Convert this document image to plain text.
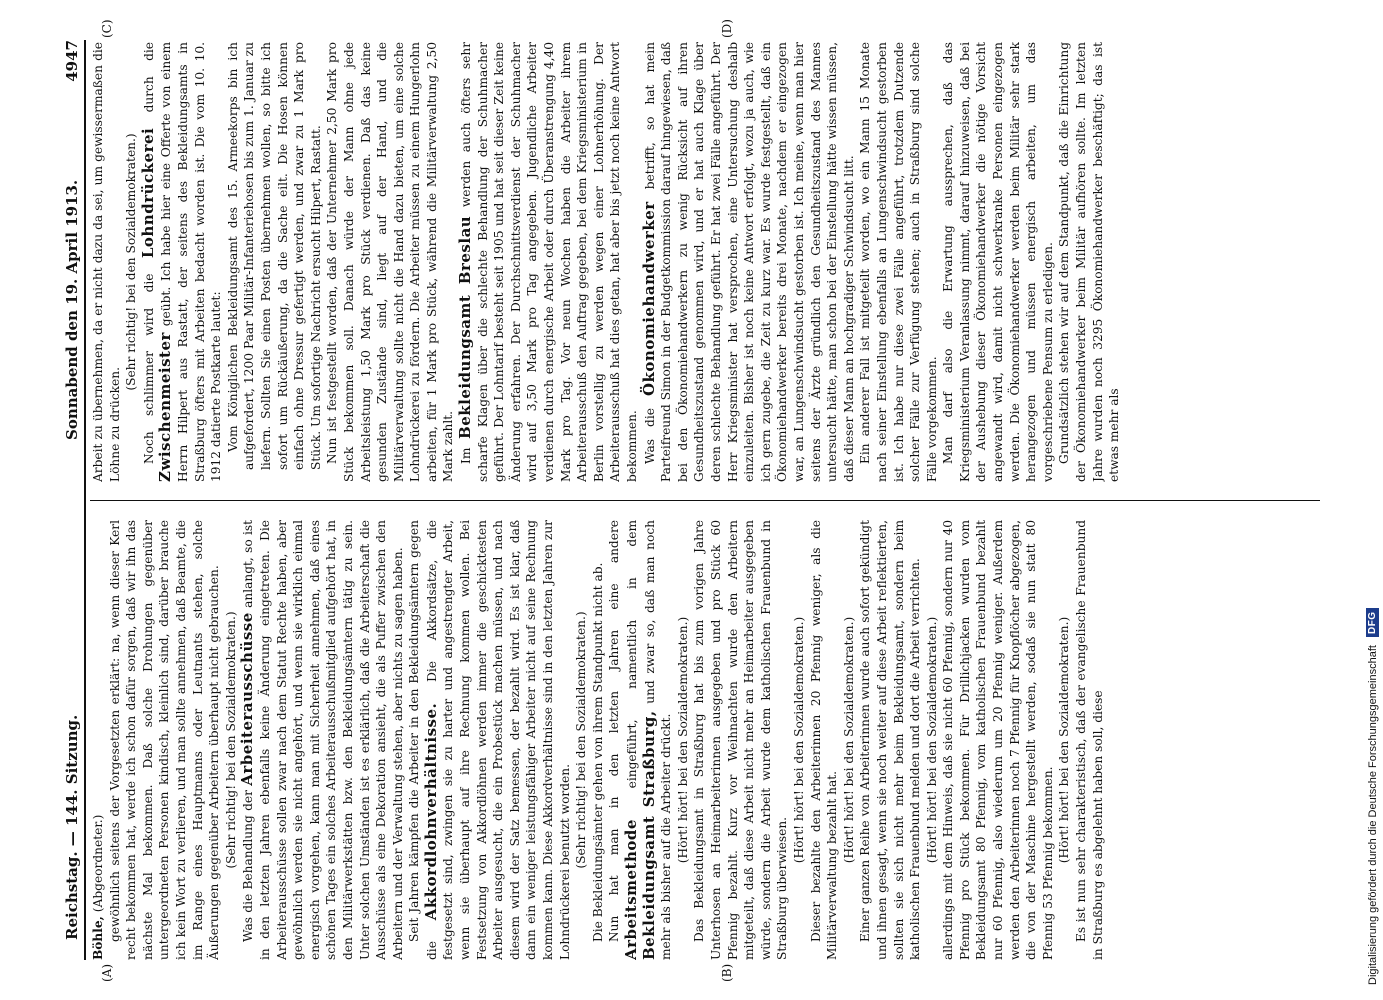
Reichstag. — 144. Sitzung.
Sonnabend den 19. April 1913.
4947
(A)	(B)
(C)	(D)

Böhle, (Abgeordneter.) gewöhnlich seitens der Vorgesetzten erklärt: na, wenn dieser Kerl recht bekommen hat, werde ich schon dafür sorgen, daß wir ihn das nächste Mal bekommen. Daß solche Drohungen gegenüber untergeordneten Personen kindisch, kleinlich sind, darüber brauche ich kein Wort zu verlieren, und man sollte annehmen, daß Beamte, die im Range eines Hauptmanns oder Leutnants stehen, solche Äußerungen gegenüber Arbeitern überhaupt nicht gebrauchen. (Sehr richtig! bei den Sozialdemokraten.) Was die Behandlung der Arbeiterausschüsse anlangt, so ist in den letzten Jahren ebenfalls keine Änderung eingetreten. Die Arbeiterausschüsse sollen zwar nach dem Statut Rechte haben, aber gewöhnlich werden sie nicht angehört, und wenn sie wirklich einmal energisch vorgehen, kann man mit Sicherheit annehmen, daß eines schönen Tages ein solches Arbeiterausschußmitglied aufgehört hat, in den Militärwerkstätten bzw. den Bekleidungsämtern tätig zu sein. Unter solchen Umständen ist es erklärlich, daß die Arbeiterschaft die Ausschüsse als eine Dekoration ansieht, die als Puffer zwischen den Arbeitern und der Verwaltung stehen, aber nichts zu sagen haben. Seit Jahren kämpfen die Arbeiter in den Bekleidungsämtern gegen die Akkordlohnverhältnisse. Die Akkordsätze, die festgesetzt sind, zwingen sie zu harter und angestrengter Arbeit, wenn sie überhaupt auf ihre Rechnung kommen wollen. Bei Festsetzung von Akkordlöhnen werden immer die geschicktesten Arbeiter ausgesucht, die ein Probestück machen müssen, und nach diesem wird der Satz bemessen, der bezahlt wird. Es ist klar, daß dann ein weniger leistungsfähiger Arbeiter nicht auf seine Rechnung kommen kann. Diese Akkordverhältnisse sind in den letzten Jahren zur Lohndrückerei benutzt worden. (Sehr richtig! bei den Sozialdemokraten.) Die Bekleidungsämter gehen von ihrem Standpunkt nicht ab. Nun hat man in den letzten Jahren eine andere Arbeitsmethode eingeführt, namentlich in dem Bekleidungsamt Straßburg, und zwar so, daß man noch mehr als bisher auf die Arbeiter drückt. (Hört! hört! bei den Sozialdemokraten.) Das Bekleidungsamt in Straßburg hat bis zum vorigen Jahre Unterhosen an Heimarbeiterinnen ausgegeben und pro Stück 60 Pfennig bezahlt. Kurz vor Weihnachten wurde den Arbeitern mitgeteilt, daß diese Arbeit nicht mehr an Heimarbeiter ausgegeben würde, sondern die Arbeit wurde dem katholischen Frauenbund in Straßburg überwiesen.

(Hört! hört! bei den Sozialdemokraten.) Dieser bezahlte den Arbeiterinnen 20 Pfennig weniger, als die Militärverwaltung bezahlt hat.

(Hört! hört! bei den Sozialdemokraten.) Einer ganzen Reihe von Arbeiterinnen wurde auch sofort gekündigt und ihnen gesagt, wenn sie noch weiter auf diese Arbeit reflektierten, sollten sie sich nicht mehr beim Bekleidungsamt, sondern beim katholischen Frauenbund melden und dort die Arbeit verrichten. (Hört! hört! bei den Sozialdemokraten.) allerdings mit dem Hinweis, daß sie nicht 60 Pfennig, sondern nur 40 Pfennig pro Stück bekommen. Für Drillichjacken wurden vom Bekleidungsamt 80 Pfennig, vom katholischen Frauenbund bezahlt nur 60 Pfennig, also wiederum um 20 Pfennig weniger. Außerdem werden den Arbeiterinnen noch 7 Pfennig für Knopflöcher abgezogen, die von der Maschine hergestellt werden, sodaß sie nun statt 80 Pfennig 53 Pfennig bekommen. (Hört! hört! bei den Sozialdemokraten.) Es ist nun sehr charakteristisch, daß der evangelische Frauenbund in Straßburg es abgelehnt haben soll, diese

Arbeit zu übernehmen, da er nicht dazu da sei, um gewissermaßen die Löhne zu drücken.

(Sehr richtig! bei den Sozialdemokraten.) Noch schlimmer wird die Lohndrückerei durch die Zwischenmeister geübt. Ich habe hier eine Offerte von einem Herrn Hilpert aus Rastatt, der seitens des Bekleidungsamts in Straßburg öfters mit Arbeiten bedacht worden ist. Die vom 10. 10. 1912 datierte Postkarte lautet: Vom Königlichen Bekleidungsamt des 15. Armeekorps bin ich aufgefordert, 1200 Paar Militär-Infanteriehosen bis zum 1. Januar zu liefern. Sollten Sie einen Posten übernehmen wollen, so bitte ich sofort um Rückäußerung, da die Sache eilt. Die Hosen können einfach ohne Dressur gefertigt werden, und zwar zu 1 Mark pro Stück. Um sofortige Nachricht ersucht Hilpert, Rastatt. Nun ist festgestellt worden, daß der Unternehmer 2,50 Mark pro Stück bekommen soll. Danach würde der Mann ohne jede Arbeitsleistung 1,50 Mark pro Stück verdienen. Daß das keine gesunden Zustände sind, liegt auf der Hand, und die Militärverwaltung sollte nicht die Hand dazu bieten, um eine solche Lohndrückerei zu fördern. Die Arbeiter müssen zu einem Hungerlohn arbeiten, für 1 Mark pro Stück, während die Militärverwaltung 2,50 Mark zahlt. Im Bekleidungsamt Breslau werden auch öfters sehr scharfe Klagen über die schlechte Behandlung der Schuhmacher geführt. Der Lohntarif besteht seit 1905 und hat seit dieser Zeit keine Änderung erfahren. Der Durchschnittsverdienst der Schuhmacher wird auf 3,50 Mark pro Tag angegeben. Jugendliche Arbeiter verdienen durch energische Arbeit oder durch Überanstrengung 4,40 Mark pro Tag. Vor neun Wochen haben die Arbeiter ihrem Arbeiterausschuß den Auftrag gegeben, bei dem Kriegsministerium in Berlin vorstellig zu werden wegen einer Lohnerhöhung. Der Arbeiterausschuß hat dies getan, hat aber bis jetzt noch keine Antwort bekommen. Was die Ökonomiehandwerker betrifft, so hat mein Parteifreund Simon in der Budgetkommission darauf hingewiesen, daß bei den Ökonomiehandwerkern zu wenig Rücksicht auf ihren Gesundheitszustand genommen wird, und er hat auch Klage über deren schlechte Behandlung geführt. Er hat zwei Fälle angeführt. Der Herr Kriegsminister hat versprochen, eine Untersuchung deshalb einzuleiten. Bisher ist noch keine Antwort erfolgt, wozu ja auch, wie ich gern zugebe, die Zeit zu kurz war. Es wurde festgestellt, daß ein Ökonomiehandwerker bereits drei Monate, nachdem er eingezogen war, an Lungenschwindsucht gestorben ist. Ich meine, wenn man hier seitens der Ärzte gründlich den Gesundheitszustand des Mannes untersucht hätte, man schon bei der Einstellung hätte wissen müssen, daß dieser Mann an hochgradiger Schwindsucht litt. Ein anderer Fall ist mitgeteilt worden, wo ein Mann 15 Monate nach seiner Einstellung ebenfalls an Lungenschwindsucht gestorben ist. Ich habe nur diese zwei Fälle angeführt, trotzdem Dutzende solcher Fälle zur Verfügung stehen; auch in Straßburg sind solche Fälle vorgekommen. Man darf also die Erwartung aussprechen, daß das Kriegsministerium Veranlassung nimmt, darauf hinzuweisen, daß bei der Aushebung dieser Ökonomiehandwerker die nötige Vorsicht angewandt wird, damit nicht schwerkranke Personen eingezogen werden. Die Ökonomiehandwerker werden beim Militär sehr stark herangezogen und müssen energisch arbeiten, um das vorgeschriebene Pensum zu erledigen. Grundsätzlich stehen wir auf dem Standpunkt, daß die Einrichtung der Ökonomiehandwerker beim Militär aufhören sollte. Im letzten Jahre wurden noch 3295 Ökonomiehandwerker beschäftigt; das ist etwas mehr als

Digitalisierung gefördert durch die Deutsche Forschungsgemeinschaft
DFG
